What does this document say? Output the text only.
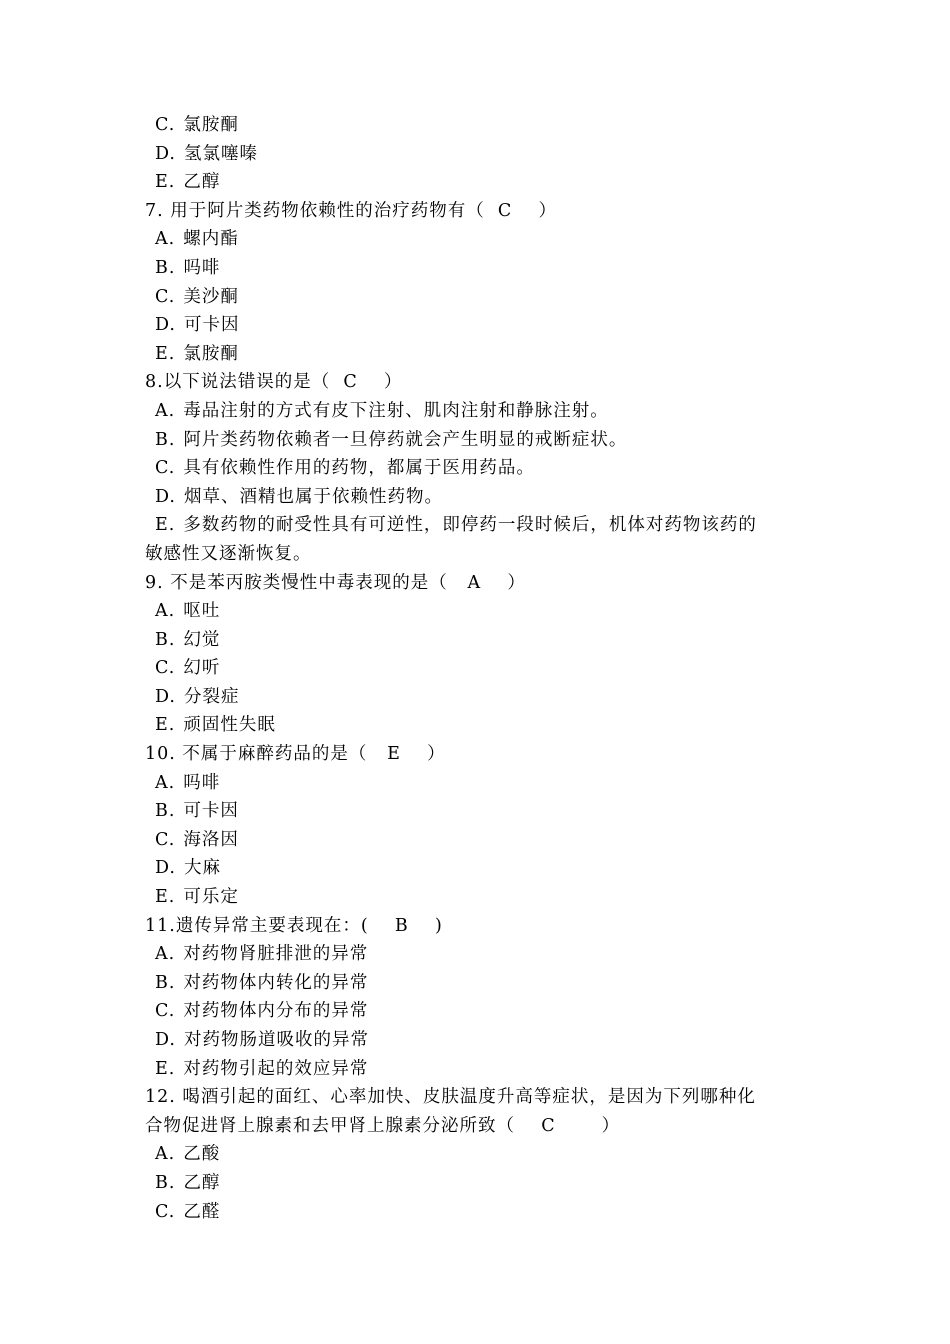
C. 氯胺酮
D. 氢氯噻嗪
E. 乙醇
7. 用于阿片类药物依赖性的治疗药物有（  C    ）
A. 螺内酯
B. 吗啡
C. 美沙酮
D. 可卡因
E. 氯胺酮
8.以下说法错误的是（  C    ）
A. 毒品注射的方式有皮下注射、肌肉注射和静脉注射。
B. 阿片类药物依赖者一旦停药就会产生明显的戒断症状。
C. 具有依赖性作用的药物，都属于医用药品。
D. 烟草、酒精也属于依赖性药物。
E. 多数药物的耐受性具有可逆性，即停药一段时候后，机体对药物该药的
敏感性又逐渐恢复。
9. 不是苯丙胺类慢性中毒表现的是（   A    ）
A. 呕吐
B. 幻觉
C. 幻听
D. 分裂症
E. 顽固性失眠
10. 不属于麻醉药品的是（   E    ）
A. 吗啡
B. 可卡因
C. 海洛因
D. 大麻
E. 可乐定
11.遗传异常主要表现在：(    B    )
A. 对药物肾脏排泄的异常
B. 对药物体内转化的异常
C. 对药物体内分布的异常
D. 对药物肠道吸收的异常
E. 对药物引起的效应异常
12. 喝酒引起的面红、心率加快、皮肤温度升高等症状，是因为下列哪种化
合物促进肾上腺素和去甲肾上腺素分泌所致（    C       ）
A. 乙酸
B. 乙醇
C. 乙醛
